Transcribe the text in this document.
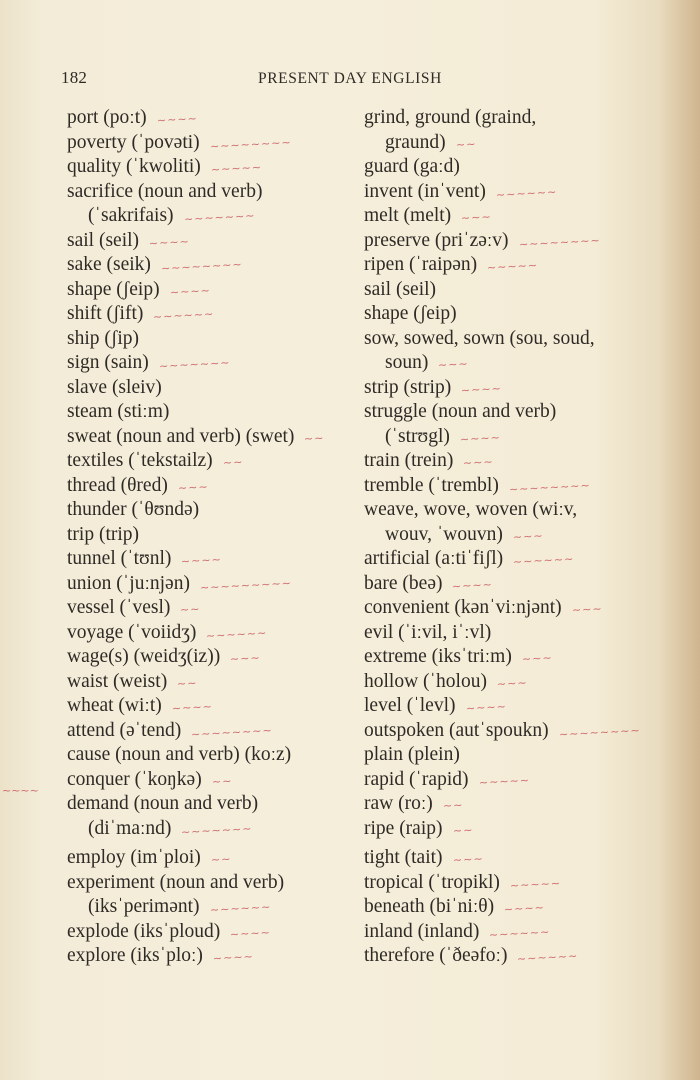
182	PRESENT DAY ENGLISH
port (poːt) ~~~~
poverty (ˈpovəti) ~~~~~~~~
quality (ˈkwoliti) ~~~~~
sacrifice (noun and verb)
(ˈsakrifais) ~~~~~~~
sail (seil) ~~~~
sake (seik) ~~~~~~~~
shape (ʃeip) ~~~~
shift (ʃift) ~~~~~~
ship (ʃip)
sign (sain) ~~~~~~~
slave (sleiv)
steam (stiːm)
sweat (noun and verb) (swet) ~~
textiles (ˈtekstailz) ~~
thread (θred) ~~~
thunder (ˈθʊndə)
trip (trip)
tunnel (ˈtʊnl) ~~~~
union (ˈjuːnjən) ~~~~~~~~~
vessel (ˈvesl) ~~
voyage (ˈvoiidʒ) ~~~~~~
wage(s) (weidʒ(iz)) ~~~
waist (weist) ~~
wheat (wiːt) ~~~~
attend (əˈtend) ~~~~~~~~
cause (noun and verb) (koːz)
conquer (ˈkoŋkə) ~~
demand (noun and verb)
(diˈmaːnd) ~~~~~~~
employ (imˈploi) ~~
experiment (noun and verb)
(iksˈperimənt) ~~~~~~
explode (iksˈploud) ~~~~
explore (iksˈploː) ~~~~
grind, ground (graind,
graund) ~~
guard (gaːd)
invent (inˈvent) ~~~~~~
melt (melt) ~~~
preserve (priˈzəːv) ~~~~~~~~
ripen (ˈraipən) ~~~~~
sail (seil)
shape (ʃeip)
sow, sowed, sown (sou, soud,
soun) ~~~
strip (strip) ~~~~
struggle (noun and verb)
(ˈstrʊgl) ~~~~
train (trein) ~~~
tremble (ˈtrembl) ~~~~~~~~
weave, wove, woven (wiːv,
wouv, ˈwouvn) ~~~
artificial (aːtiˈfiʃl) ~~~~~~
bare (beə) ~~~~
convenient (kənˈviːnjənt) ~~~
evil (ˈiːvil, iˈːvl)
extreme (iksˈtriːm) ~~~
hollow (ˈholou) ~~~
level (ˈlevl) ~~~~
outspoken (autˈspoukn) ~~~~~~~~
plain (plein)
rapid (ˈrapid) ~~~~~
raw (roː) ~~
ripe (raip) ~~
tight (tait) ~~~
tropical (ˈtropikl) ~~~~~
beneath (biˈniːθ) ~~~~
inland (inland) ~~~~~~
therefore (ˈðeəfoː) ~~~~~~
~~~~
